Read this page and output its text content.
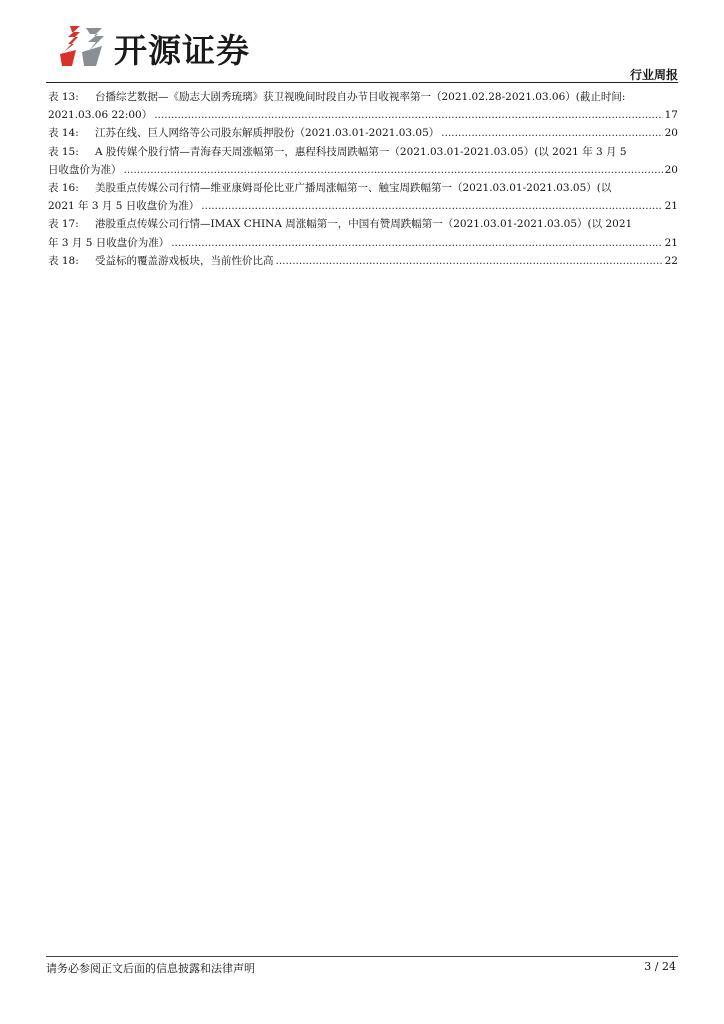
开源证券
行业周报
表 13:	台播综艺数据—《励志大剧秀琉璃》获卫视晚间时段自办节目收视率第一（2021.02.28-2021.03.06）(截止时间:
2021.03.06 22:00） .....	17
表 14:	江苏在线、巨人网络等公司股东解质押股份（2021.03.01-2021.03.05） .....	20
表 15:	A 股传媒个股行情—青海春天周涨幅第一，惠程科技周跌幅第一（2021.03.01-2021.03.05）(以 2021 年 3 月 5
日收盘价为准） .....	20
表 16:	美股重点传媒公司行情—维亚康姆哥伦比亚广播周涨幅第一、触宝周跌幅第一（2021.03.01-2021.03.05）(以
2021 年 3 月 5 日收盘价为准） .....	21
表 17:	港股重点传媒公司行情—IMAX CHINA 周涨幅第一，中国有赞周跌幅第一（2021.03.01-2021.03.05）(以 2021
年 3 月 5 日收盘价为准） .....	21
表 18:	受益标的覆盖游戏板块，当前性价比高 .....	22
请务必参阅正文后面的信息披露和法律声明	3 / 24
